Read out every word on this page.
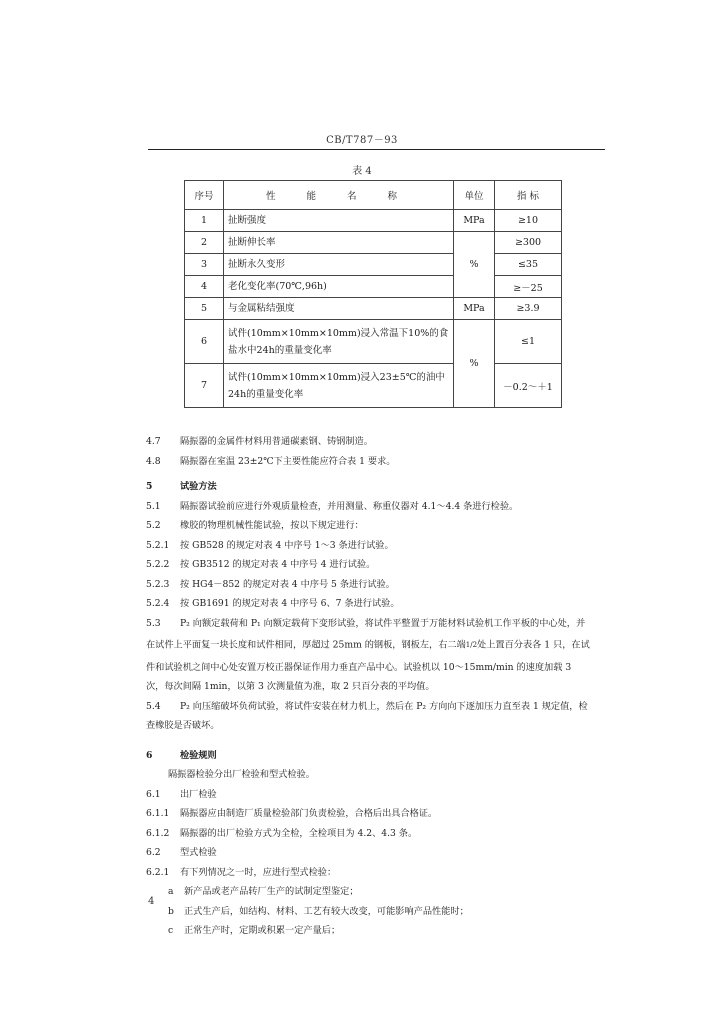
CB/T787－93
表 4
序号	性 能 名 称	单位	指 标
1	扯断强度	MPa	≥10
2	扯断伸长率	%	≥300
3	扯断永久变形		≤35
4	老化变化率(70℃,96h)		≥－25
5	与金属粘结强度	MPa	≥3.9
6	试件(10mm×10mm×10mm)浸入常温下10%的食盐水中24h的重量变化率	%	≤1
7	试件(10mm×10mm×10mm)浸入23±5℃的油中24h的重量变化率		－0.2～＋1

4.7 隔振器的金属件材料用普通碳素钢、铸钢制造。

4.8 隔振器在室温 23±2℃下主要性能应符合表 1 要求。

5	试验方法

5.1 隔振器试验前应进行外观质量检查，并用测量、称重仪器对 4.1～4.4 条进行检验。

5.2 橡胶的物理机械性能试验，按以下规定进行：

5.2.1 按 GB528 的规定对表 4 中序号 1～3 条进行试验。

5.2.2 按 GB3512 的规定对表 4 中序号 4 进行试验。

5.2.3 按 HG4－852 的规定对表 4 中序号 5 条进行试验。

5.2.4 按 GB1691 的规定对表 4 中序号 6、7 条进行试验。

5.3 P₂ 向额定载荷和 P₁ 向额定载荷下变形试验，将试件平整置于万能材料试验机工作平板的中心处，并

在试件上平面复一块长度和试件相同，厚超过 25mm 的钢板，钢板左，右二端1/2处上置百分表各 1 只，在试

件和试验机之间中心处安置万校正器保证作用力垂直产品中心。试验机以 10～15mm/min 的速度加载 3

次，每次间隔 1min，以第 3 次测量值为准，取 2 只百分表的平均值。

5.4 P₂ 向压缩破坏负荷试验，将试件安装在材力机上，然后在 P₂ 方向向下逐加压力直至表 1 规定值，检

查橡胶是否破坏。

6	检验规则

隔振器检验分出厂检验和型式检验。

6.1 出厂检验

6.1.1 隔振器应由制造厂质量检验部门负责检验，合格后出具合格证。

6.1.2 隔振器的出厂检验方式为全检，全检项目为 4.2、4.3 条。

6.2 型式检验

6.2.1 有下列情况之一时，应进行型式检验：

a 新产品或老产品转厂生产的试制定型鉴定；

b 正式生产后，如结构、材料、工艺有较大改变，可能影响产品性能时；

c 正常生产时，定期或积累一定产量后；

4
